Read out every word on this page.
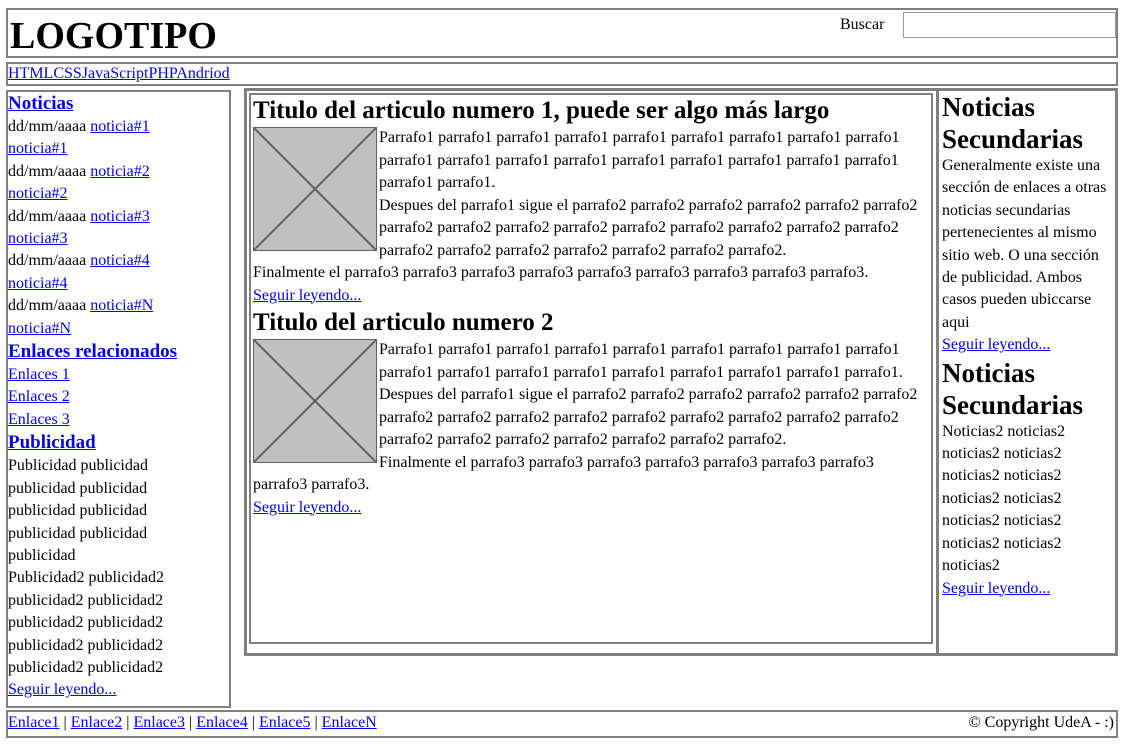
LOGOTIPO	Buscar
HTMLCSSJavaScriptPHPAndriod
Noticias
dd/mm/aaaa noticia#1
noticia#1
dd/mm/aaaa noticia#2
noticia#2
dd/mm/aaaa noticia#3
noticia#3
dd/mm/aaaa noticia#4
noticia#4
dd/mm/aaaa noticia#N
noticia#N
Enlaces relacionados
Enlaces 1
Enlaces 2
Enlaces 3
Publicidad
Publicidad publicidad
publicidad publicidad
publicidad publicidad
publicidad publicidad
publicidad
Publicidad2 publicidad2
publicidad2 publicidad2
publicidad2 publicidad2
publicidad2 publicidad2
publicidad2 publicidad2
Seguir leyendo...
Titulo del articulo numero 1, puede ser algo más largo
Parrafo1 parrafo1 parrafo1 parrafo1 parrafo1 parrafo1 parrafo1 parrafo1 parrafo1 parrafo1 parrafo1 parrafo1 parrafo1 parrafo1 parrafo1 parrafo1 parrafo1 parrafo1 parrafo1 parrafo1.
Despues del parrafo1 sigue el parrafo2 parrafo2 parrafo2 parrafo2 parrafo2 parrafo2 parrafo2 parrafo2 parrafo2 parrafo2 parrafo2 parrafo2 parrafo2 parrafo2 parrafo2 parrafo2 parrafo2 parrafo2 parrafo2 parrafo2 parrafo2 parrafo2.
Finalmente el parrafo3 parrafo3 parrafo3 parrafo3 parrafo3 parrafo3 parrafo3 parrafo3 parrafo3.
Seguir leyendo...
Titulo del articulo numero 2
Parrafo1 parrafo1 parrafo1 parrafo1 parrafo1 parrafo1 parrafo1 parrafo1 parrafo1 parrafo1 parrafo1 parrafo1 parrafo1 parrafo1 parrafo1 parrafo1 parrafo1 parrafo1.
Despues del parrafo1 sigue el parrafo2 parrafo2 parrafo2 parrafo2 parrafo2 parrafo2 parrafo2 parrafo2 parrafo2 parrafo2 parrafo2 parrafo2 parrafo2 parrafo2 parrafo2 parrafo2 parrafo2 parrafo2 parrafo2 parrafo2 parrafo2 parrafo2.
Finalmente el parrafo3 parrafo3 parrafo3 parrafo3 parrafo3 parrafo3 parrafo3 parrafo3 parrafo3.
Seguir leyendo...
Noticias Secundarias
Generalmente existe una sección de enlaces a otras noticias secundarias pertenecientes al mismo sitio web. O una sección de publicidad. Ambos casos pueden ubiccarse aqui
Seguir leyendo...
Noticias Secundarias
Noticias2 noticias2 noticias2 noticias2 noticias2 noticias2 noticias2 noticias2 noticias2 noticias2 noticias2 noticias2 noticias2
Seguir leyendo...
Enlace1 | Enlace2 | Enlace3 | Enlace4 | Enlace5 | EnlaceN	© Copyright UdeA - :)
